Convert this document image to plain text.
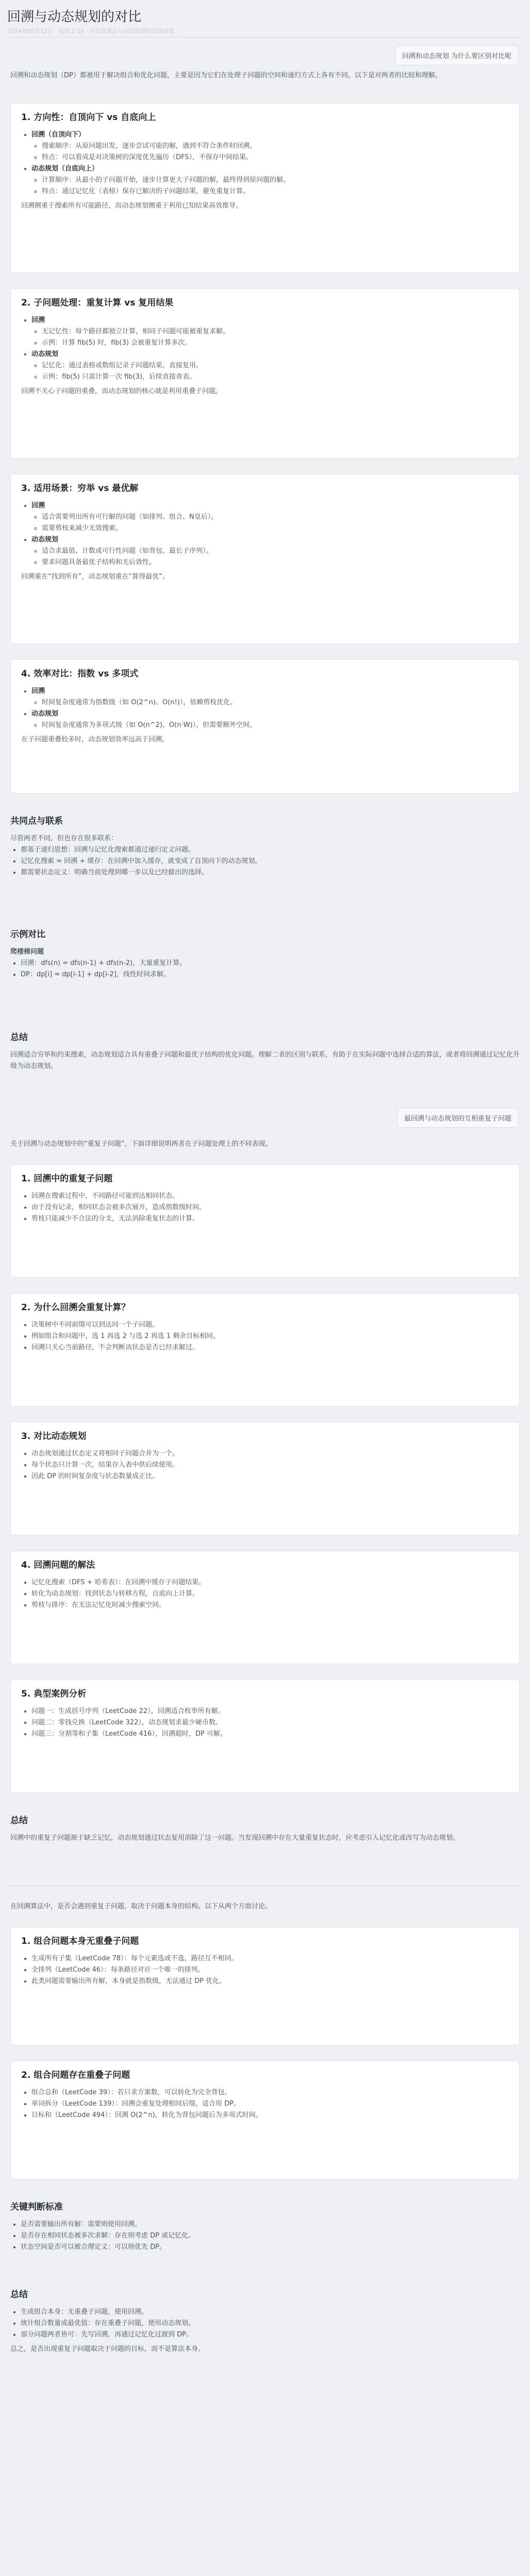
回溯与动态规划的对比
2024年06月12日 · 阅读 2.1k · 对比回溯法与动态规划的适用场景
回溯和动态规划 为什么要区别对比呢

回溯和动态规划（DP）都被用于解决组合和优化问题，主要是因为它们在处理子问题的空间和递归方式上各有不同。以下是对两者的比较和理解。

1. 方向性：自顶向下 vs 自底向上
• 回溯（自顶向下）
◦ 搜索顺序：从原问题出发，逐步尝试可能的解，遇到不符合条件时回溯。
◦ 特点：可以看成是对决策树的深度优先遍历（DFS），不保存中间结果。
• 动态规划（自底向上）
◦ 计算顺序：从最小的子问题开始，逐步计算更大子问题的解，最终得到原问题的解。
◦ 特点：通过记忆化（表格）保存已解决的子问题结果，避免重复计算。

回溯侧重于搜索所有可能路径，而动态规划侧重于利用已知结果高效推导。

2. 子问题处理：重复计算 vs 复用结果
• 回溯
◦ 无记忆性：每个路径都独立计算，相同子问题可能被重复求解。
◦ 示例：计算 fib(5) 时，fib(3) 会被重复计算多次。
• 动态规划
◦ 记忆化：通过表格或数组记录子问题结果，直接复用。
◦ 示例：fib(5) 只需计算一次 fib(3)，后续直接查表。

回溯不关心子问题的重叠，而动态规划的核心就是利用重叠子问题。

3. 适用场景：穷举 vs 最优解
• 回溯
◦ 适合需要列出所有可行解的问题（如排列、组合、N皇后）。
◦ 需要剪枝来减少无效搜索。
• 动态规划
◦ 适合求最值、计数或可行性问题（如背包、最长子序列）。
◦ 要求问题具备最优子结构和无后效性。

回溯重在“找到所有”，动态规划重在“算得最优”。

4. 效率对比：指数 vs 多项式
• 回溯
◦ 时间复杂度通常为指数级（如 O(2^n)、O(n!)），依赖剪枝优化。
• 动态规划
◦ 时间复杂度通常为多项式级（如 O(n^2)、O(n·W)），但需要额外空间。

在子问题重叠较多时，动态规划效率远高于回溯。

共同点与联系

尽管两者不同，但也存在很多联系：

• 都基于递归思想：回溯与记忆化搜索都通过递归定义问题。
• 记忆化搜索 = 回溯 + 缓存：在回溯中加入缓存，就变成了自顶向下的动态规划。
• 都需要状态定义：明确当前处理到哪一步以及已经做出的选择。
示例对比

爬楼梯问题

• 回溯：dfs(n) = dfs(n-1) + dfs(n-2)，大量重复计算。
• DP：dp[i] = dp[i-1] + dp[i-2]，线性时间求解。
总结

回溯适合穷举和约束搜索，动态规划适合具有重叠子问题和最优子结构的优化问题。理解二者的区别与联系，有助于在实际问题中选择合适的算法，或者将回溯通过记忆化升级为动态规划。

最回溯与动态规划的互相重复子问题

关于回溯与动态规划中的“重复子问题”，下面详细说明两者在子问题处理上的不同表现。

1. 回溯中的重复子问题
• 回溯在搜索过程中，不同路径可能到达相同状态。
• 由于没有记录，相同状态会被多次展开，造成指数级时间。
• 剪枝只能减少不合法的分支，无法消除重复状态的计算。
2. 为什么回溯会重复计算？
• 决策树中不同前缀可以到达同一个子问题。
• 例如组合和问题中，选 1 再选 2 与选 2 再选 1 剩余目标相同。
• 回溯只关心当前路径，不会判断该状态是否已经求解过。
3. 对比动态规划
• 动态规划通过状态定义将相同子问题合并为一个。
• 每个状态只计算一次，结果存入表中供后续使用。
• 因此 DP 的时间复杂度与状态数量成正比。
4. 回溯问题的解法
• 记忆化搜索（DFS + 哈希表）：在回溯中缓存子问题结果。
• 转化为动态规划：找到状态与转移方程，自底向上计算。
• 剪枝与排序：在无法记忆化时减少搜索空间。
5. 典型案例分析
• 问题一：生成括号序列（LeetCode 22），回溯适合枚举所有解。
• 问题二：零钱兑换（LeetCode 322），动态规划求最少硬币数。
• 问题三：分割等和子集（LeetCode 416），回溯超时，DP 可解。
总结

回溯中的重复子问题源于缺乏记忆，动态规划通过状态复用消除了这一问题。当发现回溯中存在大量重复状态时，应考虑引入记忆化或改写为动态规划。

在回溯算法中，是否会遇到重复子问题，取决于问题本身的结构。以下从两个方面讨论。

1. 组合问题本身无重叠子问题
• 生成所有子集（LeetCode 78）：每个元素选或不选，路径互不相同。
• 全排列（LeetCode 46）：每条路径对应一个唯一的排列。
• 此类问题需要输出所有解，本身就是指数级，无法通过 DP 优化。
2. 组合问题存在重叠子问题
• 组合总和（LeetCode 39）：若只求方案数，可以转化为完全背包。
• 单词拆分（LeetCode 139）：回溯会重复处理相同后缀，适合用 DP。
• 目标和（LeetCode 494）：回溯 O(2^n)，转化为背包问题后为多项式时间。
关键判断标准
• 是否需要输出所有解：需要则使用回溯。
• 是否存在相同状态被多次求解：存在则考虑 DP 或记忆化。
• 状态空间是否可以被合理定义：可以则优先 DP。
总结
• 生成组合本身：无重叠子问题，使用回溯。
• 统计组合数量或最优值：存在重叠子问题，使用动态规划。
• 部分问题两者皆可：先写回溯，再通过记忆化过渡到 DP。

总之，是否出现重复子问题取决于问题的目标，而不是算法本身。
